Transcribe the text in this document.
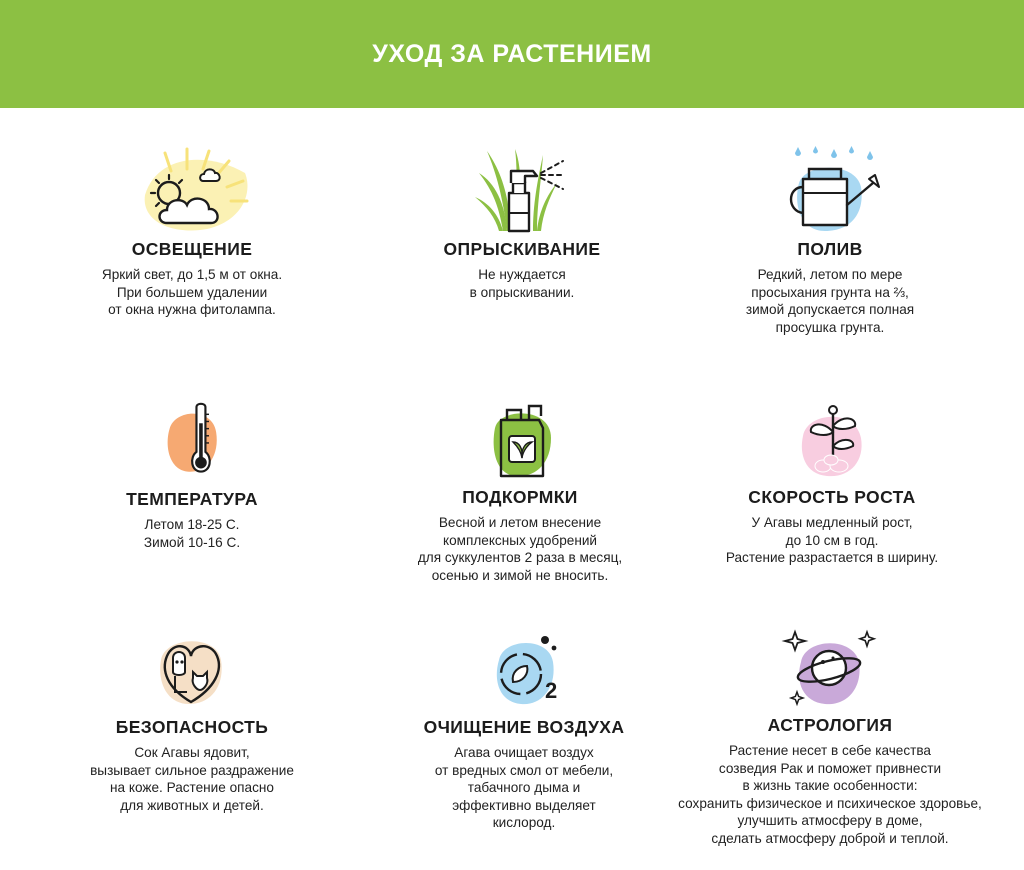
УХОД ЗА РАСТЕНИЕМ
ОСВЕЩЕНИЕ

Яркий свет, до 1,5 м от окна.
При большем удалении
от окна нужна фитолампа.

ОПРЫСКИВАНИЕ

Не нуждается
в опрыскивании.

ПОЛИВ

Редкий, летом по мере
просыхания грунта на ⅔,
зимой допускается полная
просушка грунта.

ТЕМПЕРАТУРА

Летом 18-25 С.
Зимой 10-16 С.

ПОДКОРМКИ

Весной и летом внесение
комплексных удобрений
для суккулентов 2 раза в месяц,
осенью и зимой не вносить.

СКОРОСТЬ РОСТА

У Агавы медленный рост,
до 10 см в год.
Растение разрастается в ширину.

БЕЗОПАСНОСТЬ

Сок Агавы ядовит,
вызывает сильное раздражение
на коже. Растение опасно
для животных и детей.

2
ОЧИЩЕНИЕ ВОЗДУХА

Агава очищает воздух
от вредных смол от мебели,
табачного дыма и
эффективно выделяет
кислород.

АСТРОЛОГИЯ

Растение несет в себе качества
созведия Рак и поможет привнести
в жизнь такие особенности:
сохранить физическое и психическое здоровье,
улучшить атмосферу в доме,
сделать атмосферу доброй и теплой.
